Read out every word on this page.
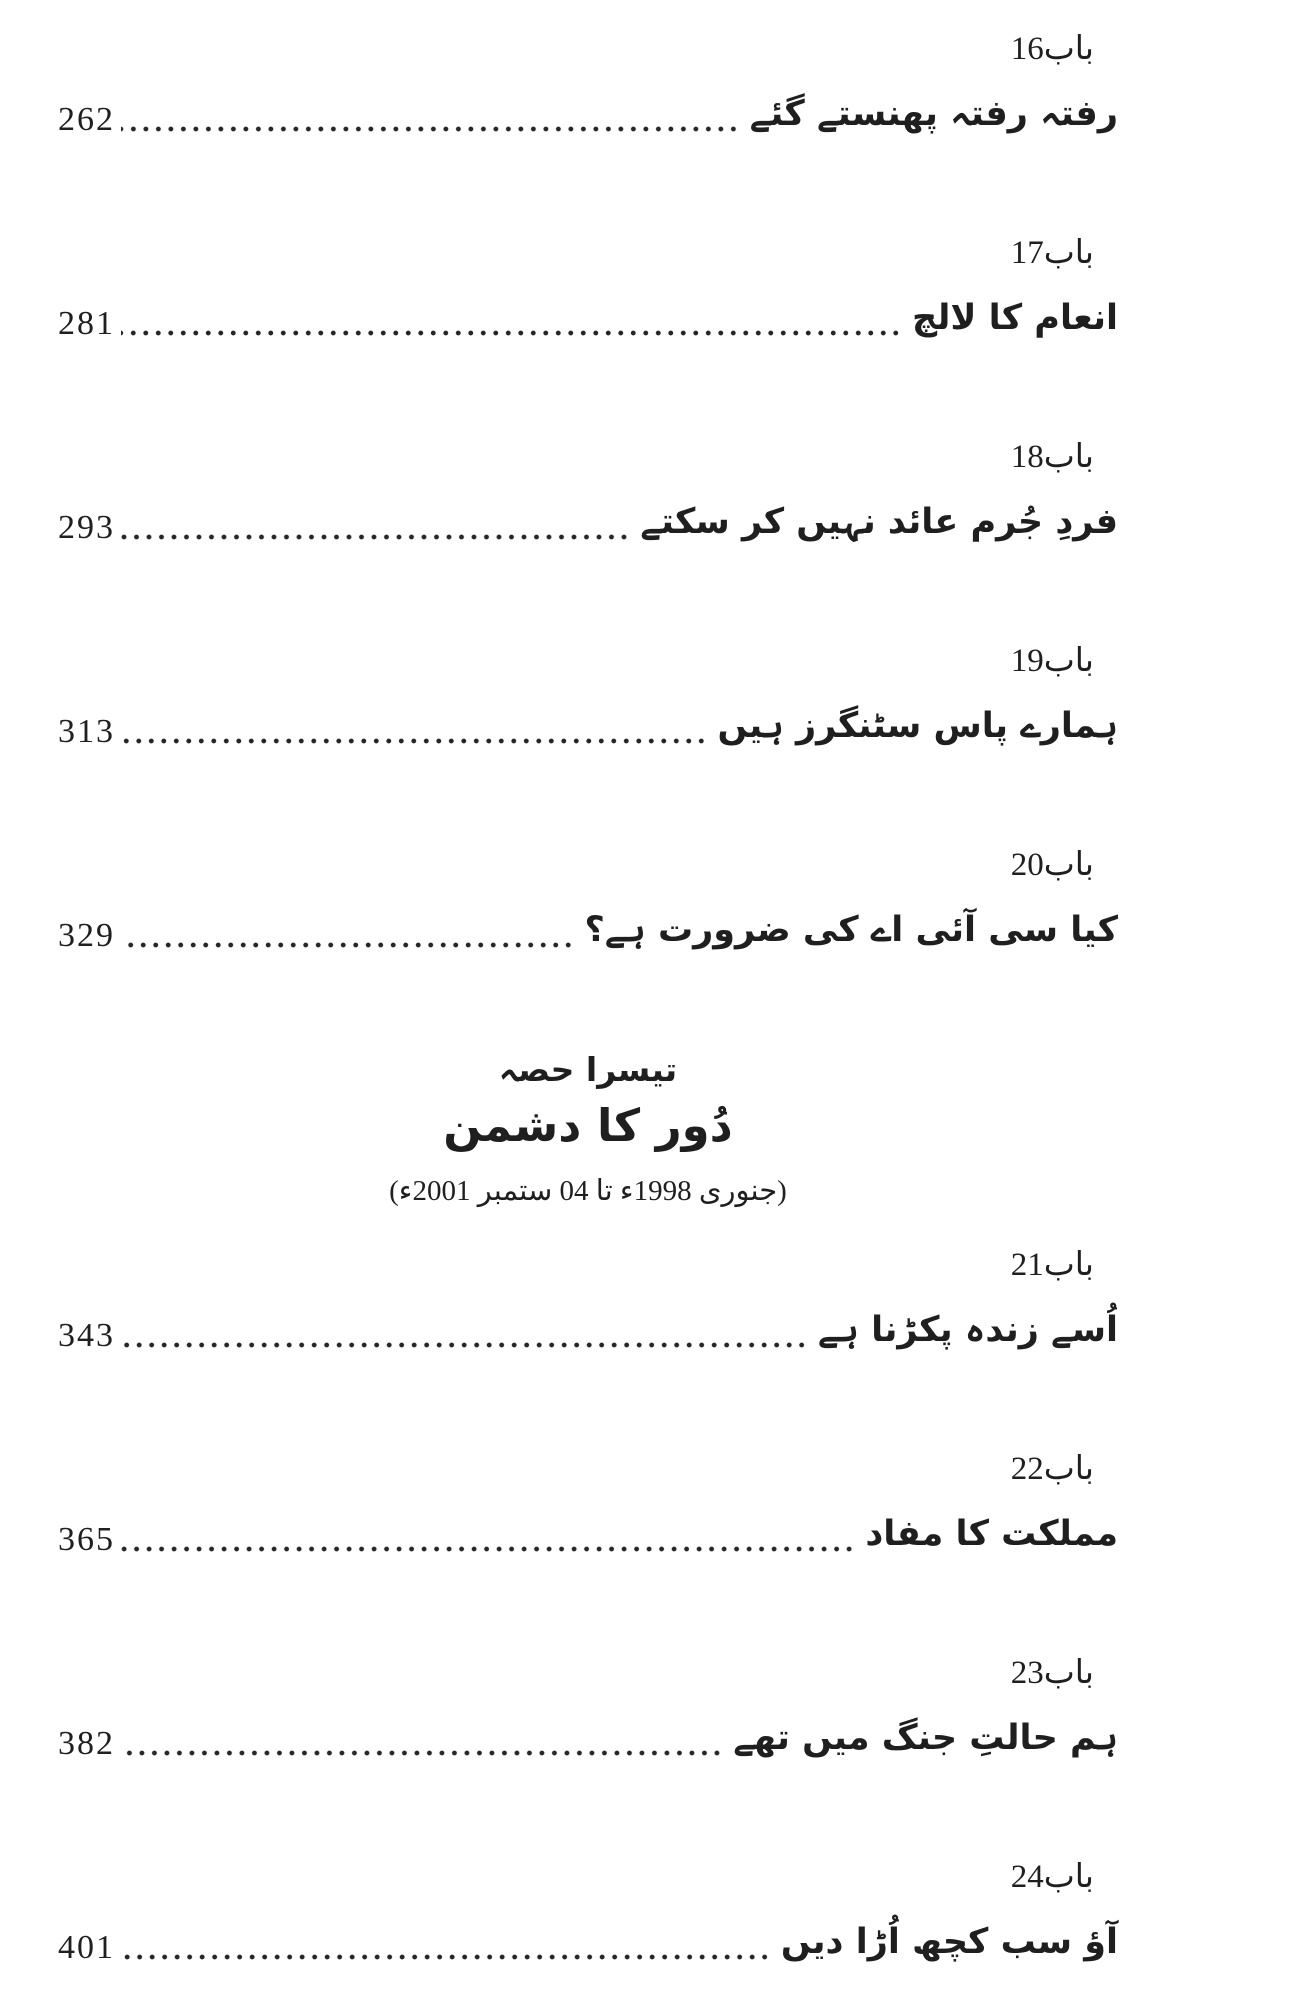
باب16
رفتہ رفتہ پھنستے گئے
262
باب17
انعام کا لالچ
281
باب18
فردِ جُرم عائد نہیں کر سکتے
293
باب19
ہمارے پاس سٹنگرز ہیں
313
باب20
کیا سی آئی اے کی ضرورت ہے؟
329
تیسرا حصہ
دُور کا دشمن
(جنوری 1998ء تا 04 ستمبر 2001ء)
باب21
اُسے زندہ پکڑنا ہے
343
باب22
مملکت کا مفاد
365
باب23
ہم حالتِ جنگ میں تھے
382
باب24
آؤ سب کچھ اُڑا دیں
401
